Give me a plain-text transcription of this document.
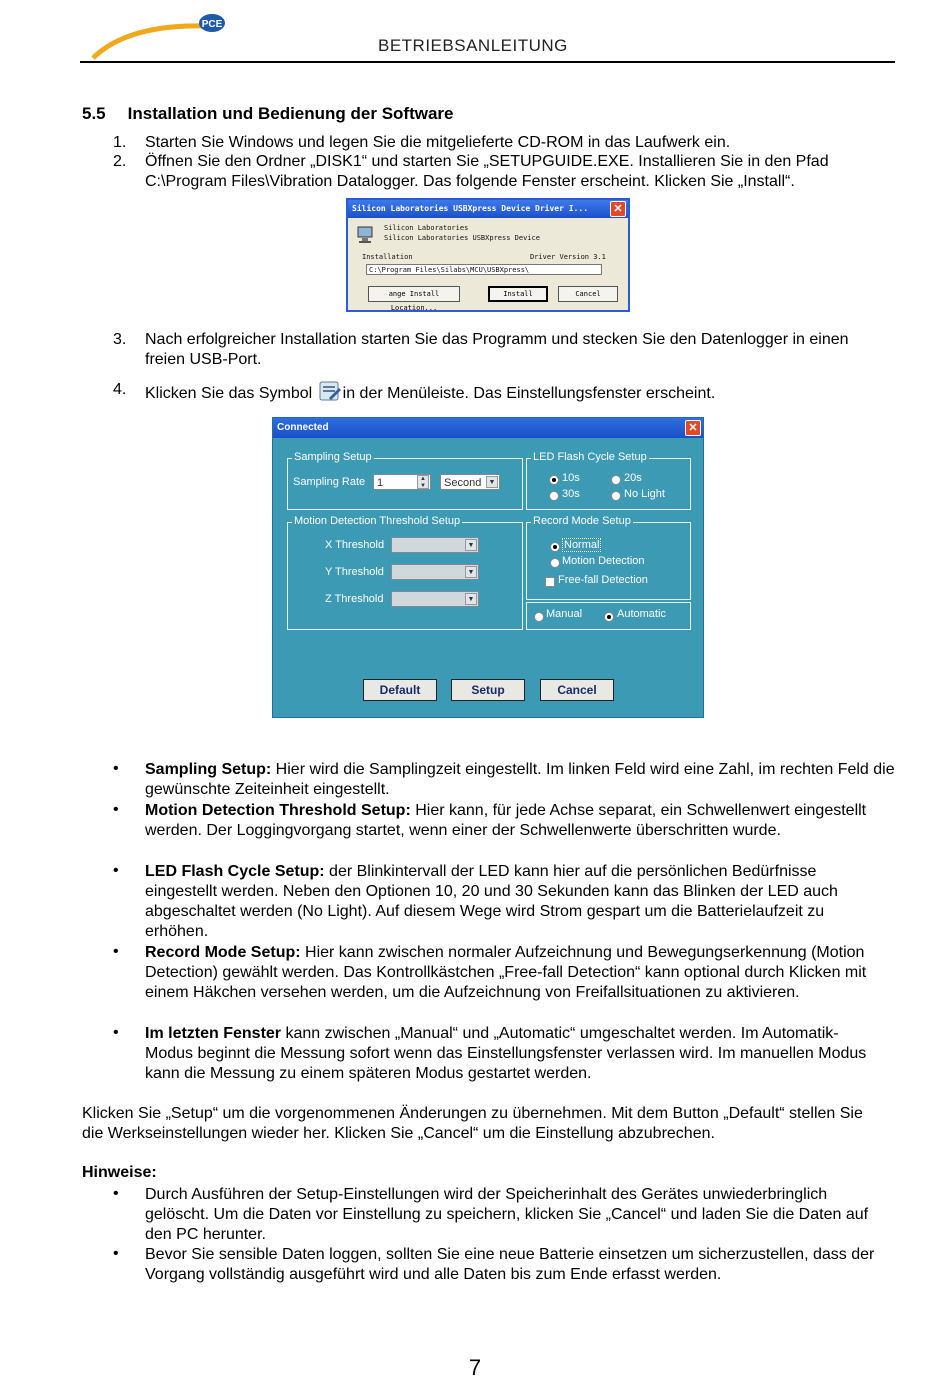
PCE
BETRIEBSANLEITUNG
5.5 Installation und Bedienung der Software
1. Starten Sie Windows und legen Sie die mitgelieferte CD-ROM in das Laufwerk ein.
2. Öffnen Sie den Ordner „DISK1“ und starten Sie „SETUPGUIDE.EXE. Installieren Sie in den Pfad C:\Program Files\Vibration Datalogger. Das folgende Fenster erscheint. Klicken Sie „Install“.
Silicon Laboratories USBXpress Device Driver I...	✕
Silicon Laboratories
Silicon Laboratories USBXpress Device
Installation	Driver Version 3.1
C:\Program Files\Silabs\MCU\USBXpress\
ange Install Location...
Install	Cancel
3. Nach erfolgreicher Installation starten Sie das Programm und stecken Sie den Datenlogger in einen freien USB-Port.
4. Klicken Sie das Symbol in der Menüleiste. Das Einstellungsfenster erscheint.
Connected	✕
Sampling Setup
Sampling Rate	1	▲
▼	Second	▼
LED Flash Cycle Setup
10s	20s
30s	No Light
Motion Detection Threshold Setup
X Threshold	▼
Y Threshold	▼
Z Threshold	▼
Record Mode Setup
Normal
Motion Detection
Free-fall Detection
Manual	Automatic
Default	Setup	Cancel
• Sampling Setup: Hier wird die Samplingzeit eingestellt. Im linken Feld wird eine Zahl, im rechten Feld die gewünschte Zeiteinheit eingestellt.
• Motion Detection Threshold Setup: Hier kann, für jede Achse separat, ein Schwellenwert eingestellt werden. Der Loggingvorgang startet, wenn einer der Schwellenwerte überschritten wurde.
• LED Flash Cycle Setup: der Blinkintervall der LED kann hier auf die persönlichen Bedürfnisse eingestellt werden. Neben den Optionen 10, 20 und 30 Sekunden kann das Blinken der LED auch abgeschaltet werden (No Light). Auf diesem Wege wird Strom gespart um die Batterielaufzeit zu erhöhen.
• Record Mode Setup: Hier kann zwischen normaler Aufzeichnung und Bewegungserkennung (Motion Detection) gewählt werden. Das Kontrollkästchen „Free-fall Detection“ kann optional durch Klicken mit einem Häkchen versehen werden, um die Aufzeichnung von Freifallsituationen zu aktivieren.
• Im letzten Fenster kann zwischen „Manual“ und „Automatic“ umgeschaltet werden. Im Automatik-Modus beginnt die Messung sofort wenn das Einstellungsfenster verlassen wird. Im manuellen Modus kann die Messung zu einem späteren Modus gestartet werden.
Klicken Sie „Setup“ um die vorgenommenen Änderungen zu übernehmen. Mit dem Button „Default“ stellen Sie die Werkseinstellungen wieder her. Klicken Sie „Cancel“ um die Einstellung abzubrechen.
Hinweise:
• Durch Ausführen der Setup-Einstellungen wird der Speicherinhalt des Gerätes unwiederbringlich gelöscht. Um die Daten vor Einstellung zu speichern, klicken Sie „Cancel“ und laden Sie die Daten auf den PC herunter.
• Bevor Sie sensible Daten loggen, sollten Sie eine neue Batterie einsetzen um sicherzustellen, dass der Vorgang vollständig ausgeführt wird und alle Daten bis zum Ende erfasst werden.
7
